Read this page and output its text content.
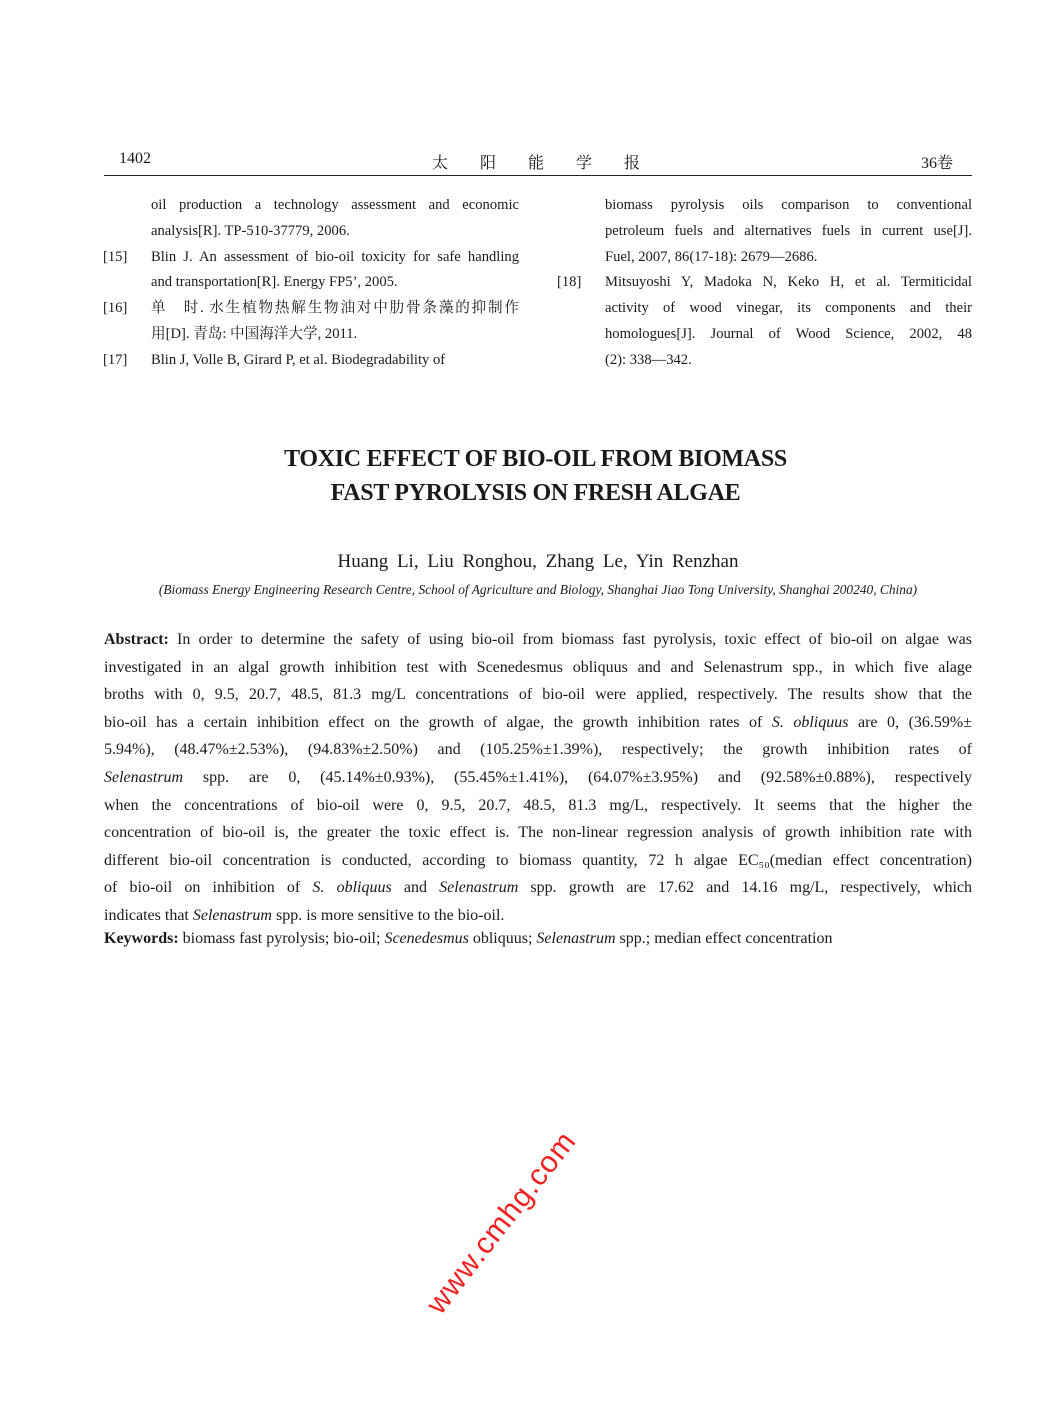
1402	太　　阳　　能　　学　　报	36卷
oil production a technology assessment and economic
analysis[R]. TP-510-37779, 2006.
[15] Blin J. An assessment of bio-oil toxicity for safe handling
and transportation[R]. Energy FP5’, 2005.
[16] 单　时. 水生植物热解生物油对中肋骨条藻的抑制作
用[D]. 青岛: 中国海洋大学, 2011.
[17] Blin J, Volle B, Girard P, et al. Biodegradability of
biomass pyrolysis oils comparison to conventional
petroleum fuels and alternatives fuels in current use[J].
Fuel, 2007, 86(17-18): 2679—2686.
[18] Mitsuyoshi Y, Madoka N, Keko H, et al. Termiticidal
activity of wood vinegar, its components and their
homologues[J]. Journal of Wood Science, 2002, 48
(2): 338—342.
TOXIC EFFECT OF BIO-OIL FROM BIOMASS
FAST PYROLYSIS ON FRESH ALGAE
Huang Li, Liu Ronghou, Zhang Le, Yin Renzhan
(Biomass Energy Engineering Research Centre, School of Agriculture and Biology, Shanghai Jiao Tong University, Shanghai 200240, China)
Abstract: In order to determine the safety of using bio-oil from biomass fast pyrolysis, toxic effect of bio-oil on algae was
investigated in an algal growth inhibition test with Scenedesmus obliquus and and Selenastrum spp., in which five alage
broths with 0, 9.5, 20.7, 48.5, 81.3 mg/L concentrations of bio-oil were applied, respectively. The results show that the
bio-oil has a certain inhibition effect on the growth of algae, the growth inhibition rates of S. obliquus are 0, (36.59%±
5.94%), (48.47%±2.53%), (94.83%±2.50%) and (105.25%±1.39%), respectively; the growth inhibition rates of
Selenastrum spp. are 0, (45.14%±0.93%), (55.45%±1.41%), (64.07%±3.95%) and (92.58%±0.88%), respectively
when the concentrations of bio-oil were 0, 9.5, 20.7, 48.5, 81.3 mg/L, respectively. It seems that the higher the
concentration of bio-oil is, the greater the toxic effect is. The non-linear regression analysis of growth inhibition rate with
different bio-oil concentration is conducted, according to biomass quantity, 72 h algae EC₅₀(median effect concentration)
of bio-oil on inhibition of S. obliquus and Selenastrum spp. growth are 17.62 and 14.16 mg/L, respectively, which
indicates that Selenastrum spp. is more sensitive to the bio-oil.
Keywords: biomass fast pyrolysis; bio-oil; Scenedesmus obliquus; Selenastrum spp.; median effect concentration
www.cmhg.com
